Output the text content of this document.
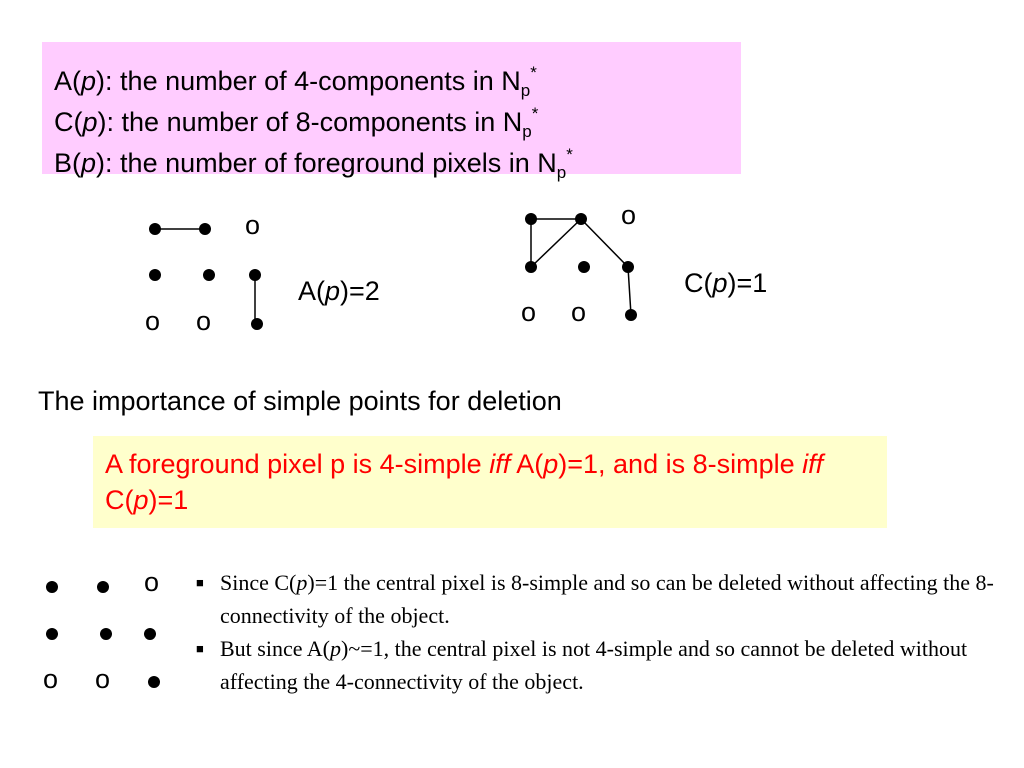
A(p): the number of 4-components in $N_p^*$
C(p): the number of 8-components in $N_p^*$
B(p): the number of foreground pixels in $N_p^*$
o
o o
o
o o
o
o o
A(p)=2	C(p)=1
The importance of simple points for deletion
A foreground pixel p is 4-simple iff A(p)=1, and is 8-simple iff C(p)=1
■ Since C(p)=1 the central pixel is 8-simple and so can be deleted without affecting the 8-connectivity of the object.
■ But since A(p)~=1, the central pixel is not 4-simple and so cannot be deleted without affecting the 4-connectivity of the object.
